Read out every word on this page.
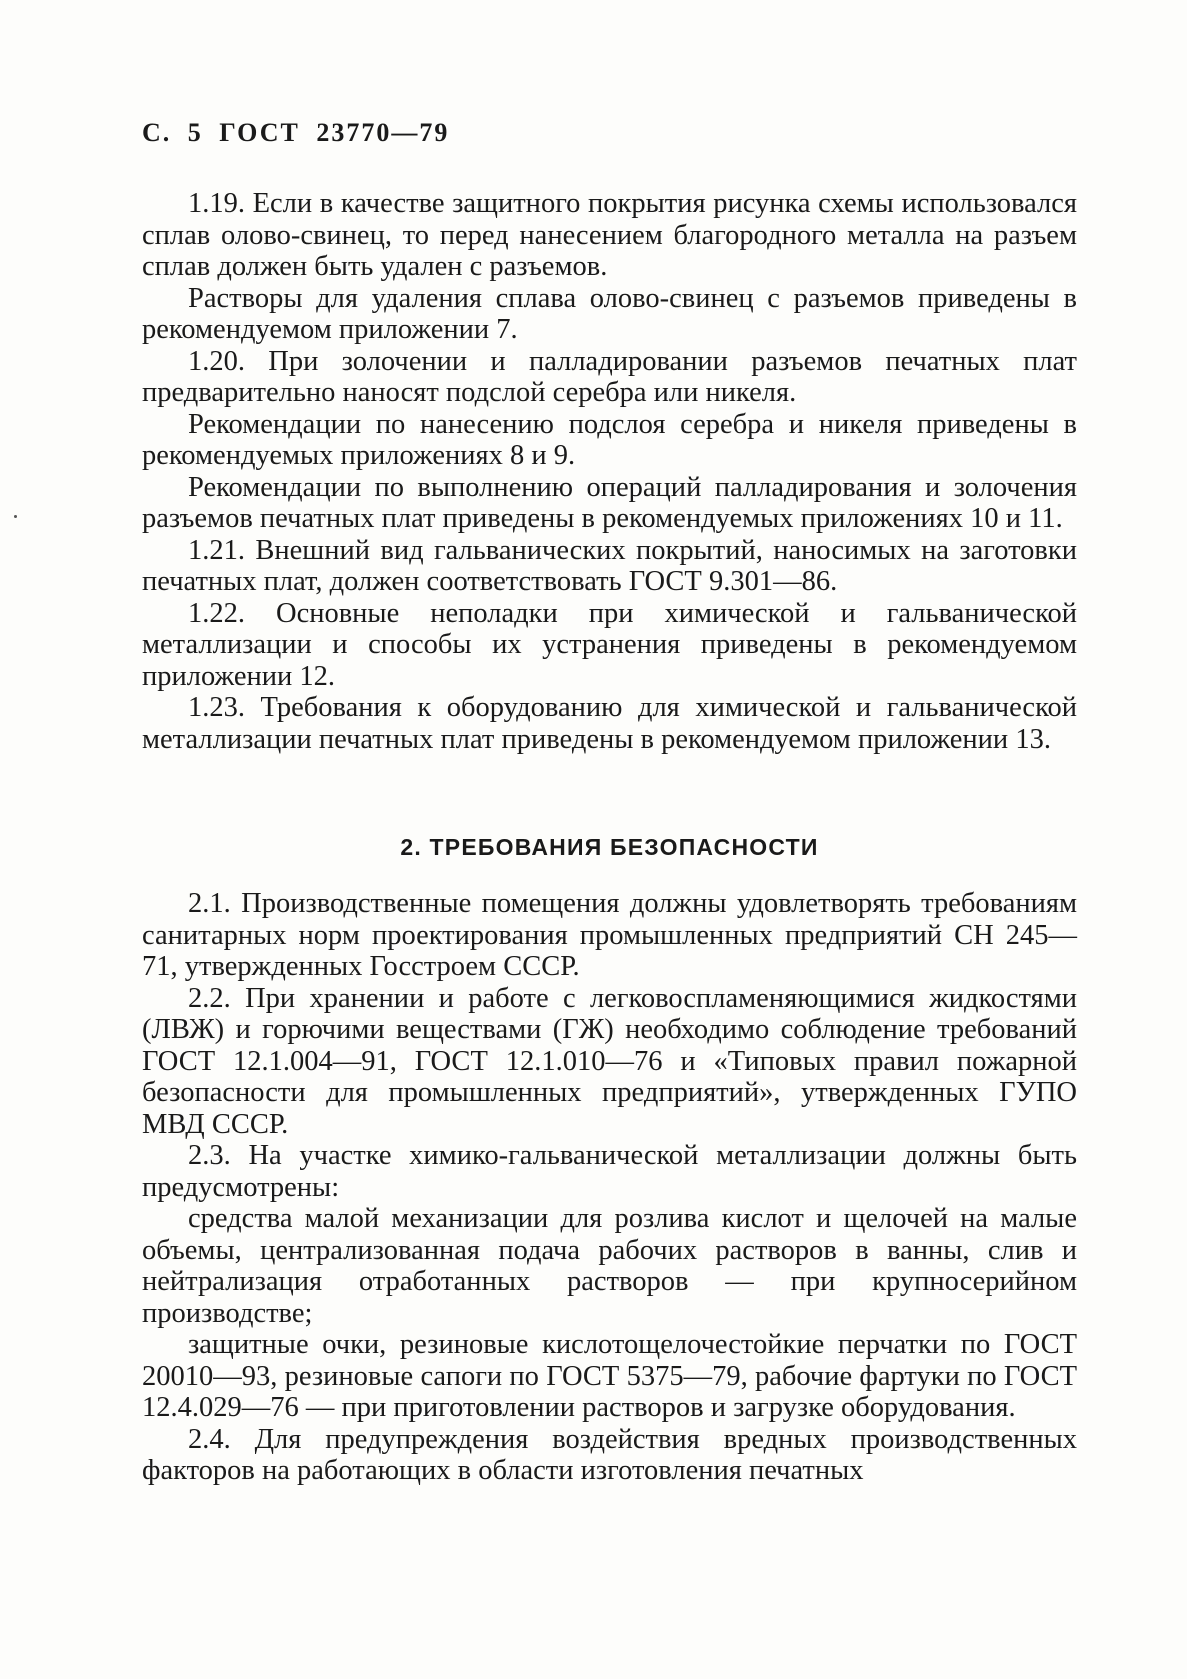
С. 5 ГОСТ 23770—79

1.19. Если в качестве защитного покрытия рисунка схемы использовался сплав олово-свинец, то перед нанесением благородного металла на разъем сплав должен быть удален с разъемов.

Растворы для удаления сплава олово-свинец с разъемов приведены в рекомендуемом приложении 7.

1.20. При золочении и палладировании разъемов печатных плат предварительно наносят подслой серебра или никеля.

Рекомендации по нанесению подслоя серебра и никеля приведены в рекомендуемых приложениях 8 и 9.

Рекомендации по выполнению операций палладирования и золочения разъемов печатных плат приведены в рекомендуемых приложениях 10 и 11.

1.21. Внешний вид гальванических покрытий, наносимых на заготовки печатных плат, должен соответствовать ГОСТ 9.301—86.

1.22. Основные неполадки при химической и гальванической металлизации и способы их устранения приведены в рекомендуемом приложении 12.

1.23. Требования к оборудованию для химической и гальванической металлизации печатных плат приведены в рекомендуемом приложении 13.

2. ТРЕБОВАНИЯ БЕЗОПАСНОСТИ

2.1. Производственные помещения должны удовлетворять требованиям санитарных норм проектирования промышленных предприятий СН 245—71, утвержденных Госстроем СССР.

2.2. При хранении и работе с легковоспламеняющимися жидкостями (ЛВЖ) и горючими веществами (ГЖ) необходимо соблюдение требований ГОСТ 12.1.004—91, ГОСТ 12.1.010—76 и «Типовых правил пожарной безопасности для промышленных предприятий», утвержденных ГУПО МВД СССР.

2.3. На участке химико-гальванической металлизации должны быть предусмотрены:

средства малой механизации для розлива кислот и щелочей на малые объемы, централизованная подача рабочих растворов в ванны, слив и нейтрализация отработанных растворов — при крупносерийном производстве;

защитные очки, резиновые кислотощелочестойкие перчатки по ГОСТ 20010—93, резиновые сапоги по ГОСТ 5375—79, рабочие фартуки по ГОСТ 12.4.029—76 — при приготовлении растворов и загрузке оборудования.

2.4. Для предупреждения воздействия вредных производственных факторов на работающих в области изготовления печатных
